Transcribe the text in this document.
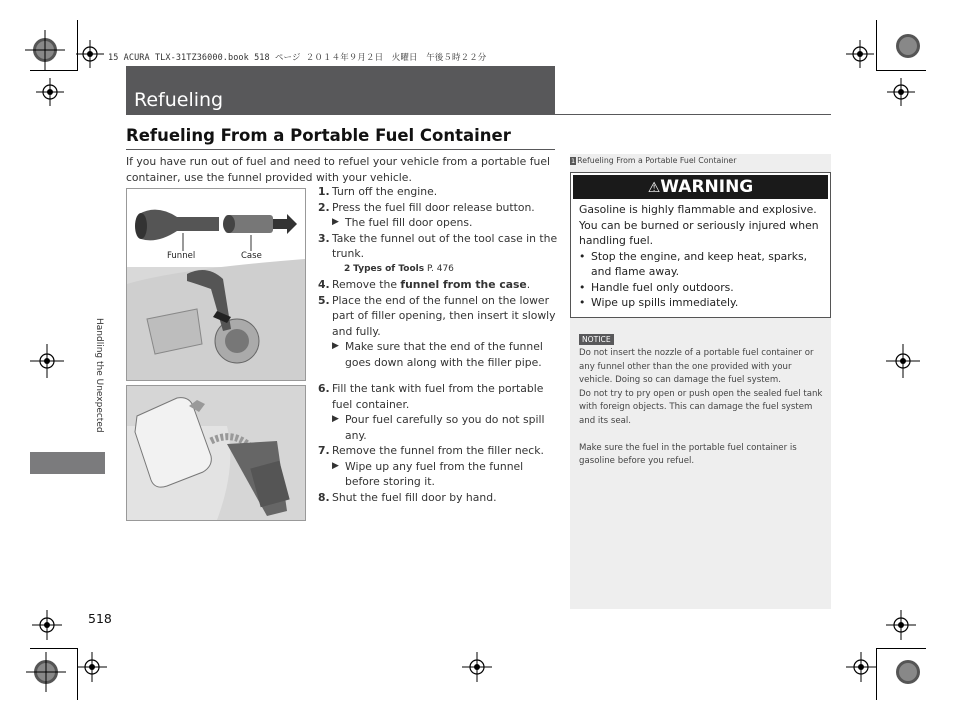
15 ACURA TLX-31TZ36000.book 518 ページ ２０１４年９月２日　火曜日　午後５時２２分
Refueling
Refueling From a Portable Fuel Container
If you have run out of fuel and need to refuel your vehicle from a portable fuel container, use the funnel provided with your vehicle.
Handling the Unexpected
Funnel	Case
1. Turn off the engine.
2. Press the fuel fill door release button.
▶ The fuel fill door opens.
3. Take the funnel out of the tool case in the trunk.
2 Types of Tools P. 476
4. Remove the funnel from the case.
5. Place the end of the funnel on the lower part of filler opening, then insert it slowly and fully.
▶ Make sure that the end of the funnel goes down along with the filler pipe.
6. Fill the tank with fuel from the portable fuel container.
▶ Pour fuel carefully so you do not spill any.
7. Remove the funnel from the filler neck.
▶ Wipe up any fuel from the funnel before storing it.
8. Shut the fuel fill door by hand.
1 Refueling From a Portable Fuel Container
⚠WARNING
Gasoline is highly flammable and explosive. You can be burned or seriously injured when handling fuel.
• Stop the engine, and keep heat, sparks, and flame away.
• Handle fuel only outdoors.
• Wipe up spills immediately.
NOTICE
Do not insert the nozzle of a portable fuel container or any funnel other than the one provided with your vehicle. Doing so can damage the fuel system.
Do not try to pry open or push open the sealed fuel tank with foreign objects. This can damage the fuel system and its seal.
Make sure the fuel in the portable fuel container is gasoline before you refuel.
518
